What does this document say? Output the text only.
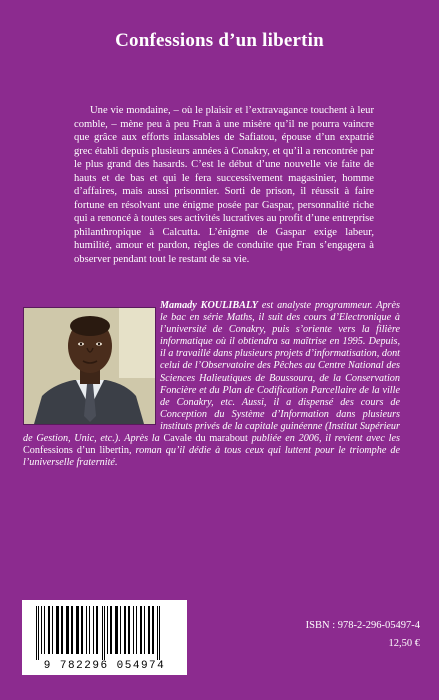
Confessions d’un libertin

Une vie mondaine, – où le plaisir et l’extravagance touchent à leur comble, – mène peu à peu Fran à une misère qu’il ne pourra vaincre que grâce aux efforts inlassables de Safiatou, épouse d’un expatrié grec établi depuis plusieurs années à Conakry, et qu’il a rencontrée par le plus grand des hasards. C’est le début d’une nouvelle vie faite de hauts et de bas et qui le fera successivement magasinier, homme d’affaires, mais aussi prisonnier. Sorti de prison, il réussit à faire fortune en résolvant une énigme posée par Gaspar, personnalité riche qui a renoncé à toutes ses activités lucratives au profit d’une entreprise philanthropique à Calcutta. L’énigme de Gaspar exige labeur, humilité, amour et pardon, règles de conduite que Fran s’engagera à observer pendant tout le restant de sa vie.

Mamady KOULIBALY est analyste programmeur. Après le bac en série Maths, il suit des cours d’Electronique à l’université de Conakry, puis s’oriente vers la filière informatique où il obtiendra sa maîtrise en 1995. Depuis, il a travaillé dans plusieurs projets d’informatisation, dont celui de l’Observatoire des Pêches au Centre National des Sciences Halieutiques de Boussoura, de la Conservation Foncière et du Plan de Codification Parcellaire de la ville de Conakry, etc. Aussi, il a dispensé des cours de Conception du Système d’Information dans plusieurs instituts privés de la capitale guinéenne (Institut Supérieur de Gestion, Unic, etc.). Après la Cavale du marabout publiée en 2006, il revient avec les Confessions d’un libertin, roman qu’il dédie à tous ceux qui luttent pour le triomphe de l’universelle fraternité.
9 782296 054974
ISBN : 978-2-296-05497-4
12,50 €
